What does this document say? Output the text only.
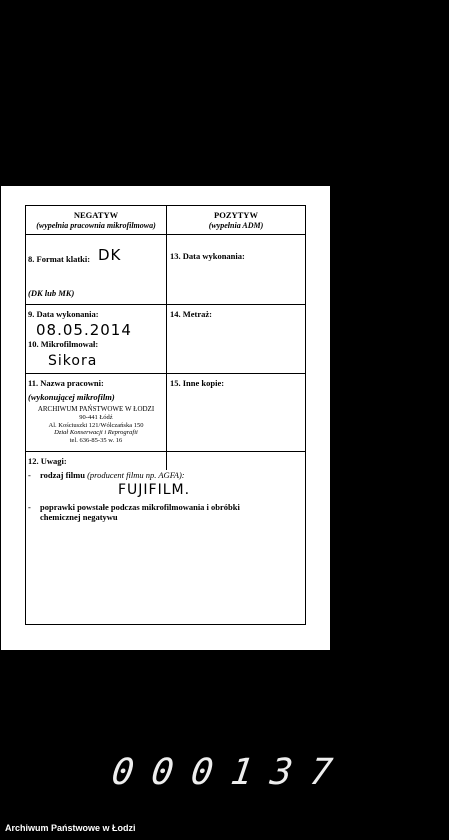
NEGATYW
(wypełnia pracownia mikrofilmowa)
POZYTYW
(wypełnia ADM)
8. Format klatki: DK
(DK lub MK)
13. Data wykonania:
9. Data wykonania:
08.05.2014
10. Mikrofilmował:
Sikora
14. Metraż:
11. Nazwa pracowni:
(wykonującej mikrofilm)
ARCHIWUM PAŃSTWOWE W ŁODZI
90-441 Łódź
Al. Kościuszki 121/Wólczańska 150
Dział Konserwacji i Reprografii
tel. 636-85-35 w. 16
15. Inne kopie:
12. Uwagi:
- rodzaj filmu (producent filmu np. AGFA):
FUJIFILM.
- poprawki powstałe podczas mikrofilmowania i obróbki
chemicznej negatywu
000137
Archiwum Państwowe w Łodzi
